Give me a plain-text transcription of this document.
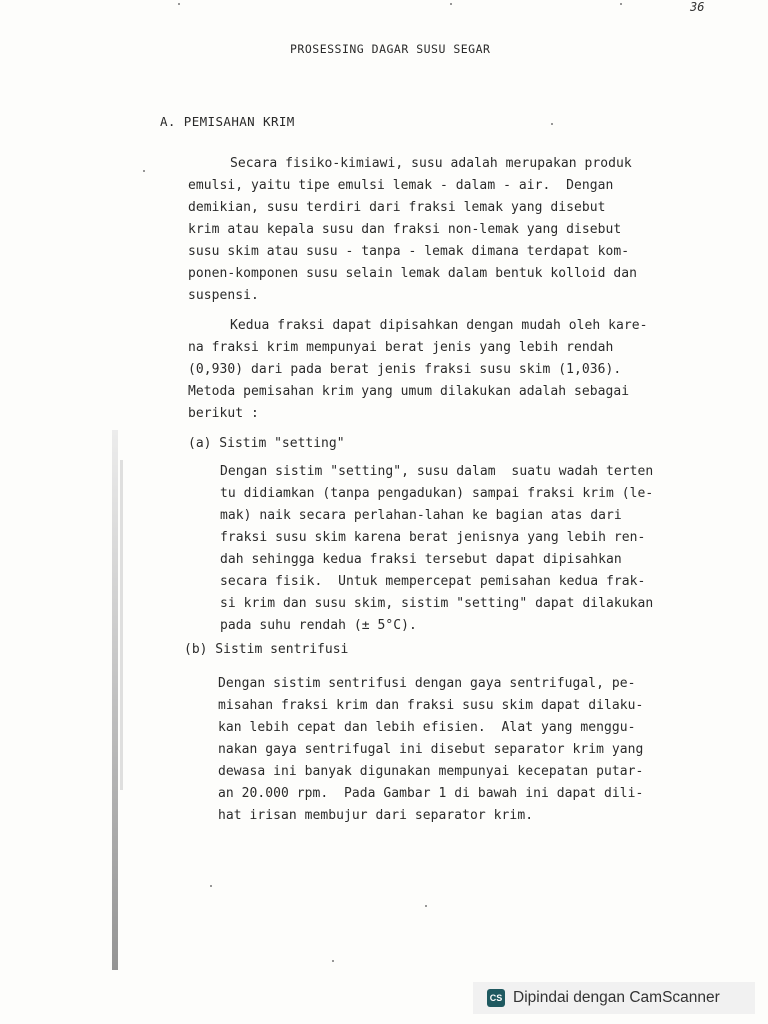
36
PROSESSING DAGAR SUSU SEGAR
A. PEMISAHAN KRIM
Secara fisiko-kimiawi, susu adalah merupakan produk
emulsi, yaitu tipe emulsi lemak - dalam - air.  Dengan
demikian, susu terdiri dari fraksi lemak yang disebut
krim atau kepala susu dan fraksi non-lemak yang disebut
susu skim atau susu - tanpa - lemak dimana terdapat kom-
ponen-komponen susu selain lemak dalam bentuk kolloid dan
suspensi.
Kedua fraksi dapat dipisahkan dengan mudah oleh kare-
na fraksi krim mempunyai berat jenis yang lebih rendah
(0,930) dari pada berat jenis fraksi susu skim (1,036).
Metoda pemisahan krim yang umum dilakukan adalah sebagai
berikut :
(a) Sistim "setting"
Dengan sistim "setting", susu dalam  suatu wadah terten
tu didiamkan (tanpa pengadukan) sampai fraksi krim (le-
mak) naik secara perlahan-lahan ke bagian atas dari
fraksi susu skim karena berat jenisnya yang lebih ren-
dah sehingga kedua fraksi tersebut dapat dipisahkan
secara fisik.  Untuk mempercepat pemisahan kedua frak-
si krim dan susu skim, sistim "setting" dapat dilakukan
pada suhu rendah (± 5°C).
(b) Sistim sentrifusi
Dengan sistim sentrifusi dengan gaya sentrifugal, pe-
misahan fraksi krim dan fraksi susu skim dapat dilaku-
kan lebih cepat dan lebih efisien.  Alat yang menggu-
nakan gaya sentrifugal ini disebut separator krim yang
dewasa ini banyak digunakan mempunyai kecepatan putar-
an 20.000 rpm.  Pada Gambar 1 di bawah ini dapat dili-
hat irisan membujur dari separator krim.
CS Dipindai dengan CamScanner
